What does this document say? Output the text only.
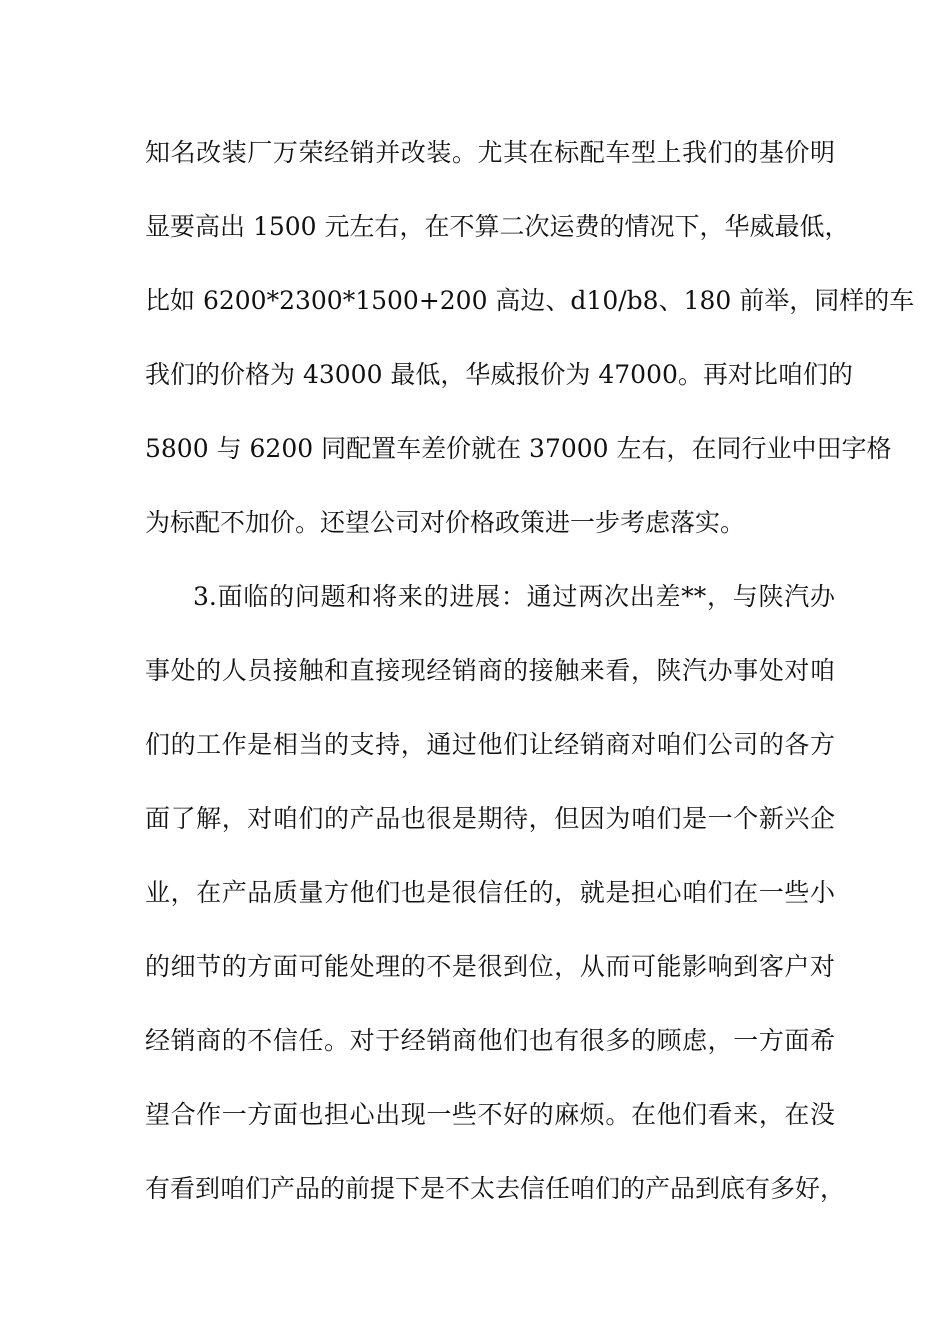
知名改装厂万荣经销并改装。尤其在标配车型上我们的基价明
显要高出 1500 元左右，在不算二次运费的情况下，华威最低，
比如 6200*2300*1500+200 高边、d10/b8、180 前举，同样的车
我们的价格为 43000 最低，华威报价为 47000。再对比咱们的
5800 与 6200 同配置车差价就在 37000 左右，在同行业中田字格
为标配不加价。还望公司对价格政策进一步考虑落实。
3.面临的问题和将来的进展：通过两次出差**，与陕汽办
事处的人员接触和直接现经销商的接触来看，陕汽办事处对咱
们的工作是相当的支持，通过他们让经销商对咱们公司的各方
面了解，对咱们的产品也很是期待，但因为咱们是一个新兴企
业，在产品质量方他们也是很信任的，就是担心咱们在一些小
的细节的方面可能处理的不是很到位，从而可能影响到客户对
经销商的不信任。对于经销商他们也有很多的顾虑，一方面希
望合作一方面也担心出现一些不好的麻烦。在他们看来，在没
有看到咱们产品的前提下是不太去信任咱们的产品到底有多好，
